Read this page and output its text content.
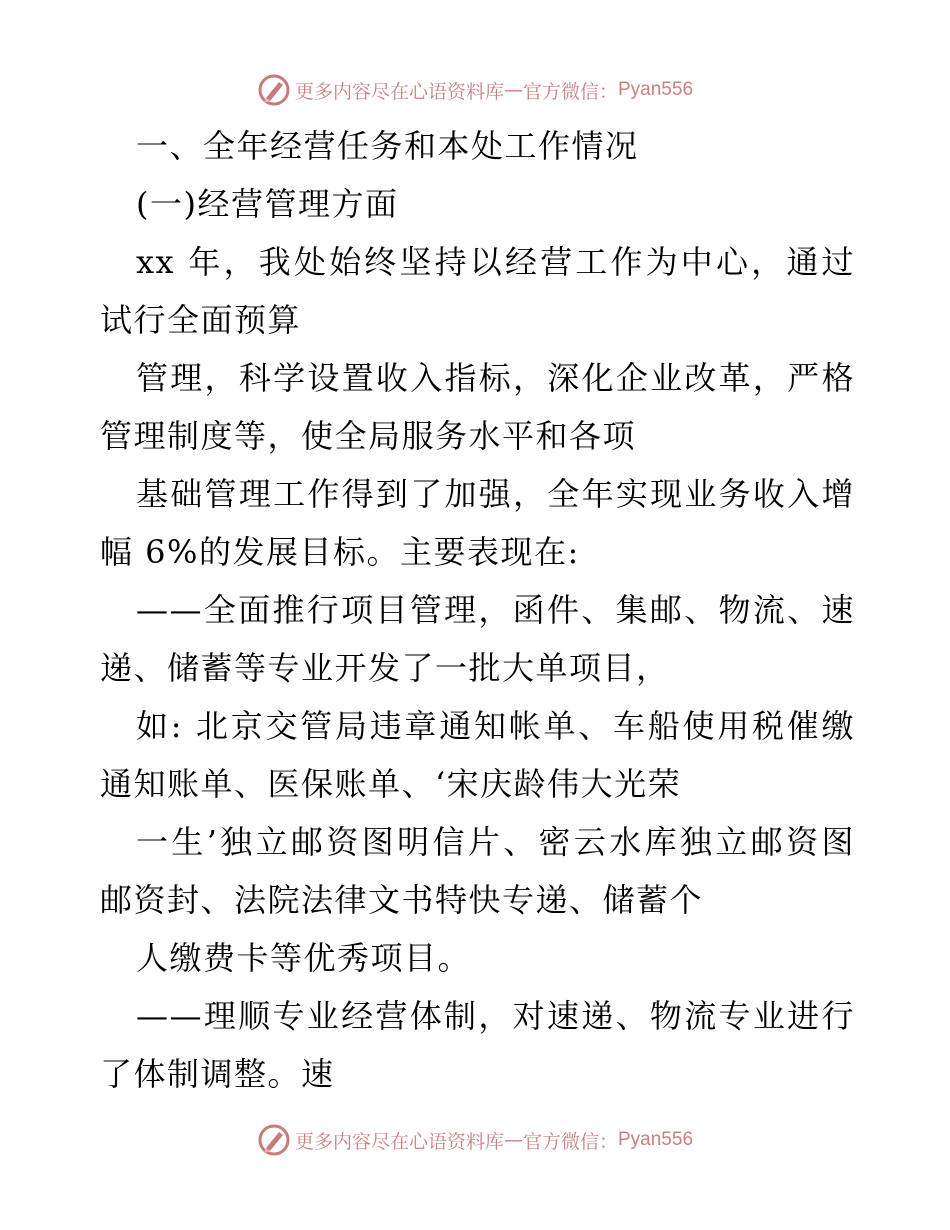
更多内容尽在心语资料库 — 官方微信： Pyan556
一、全年经营任务和本处工作情况
(一)经营管理方面
xx 年，我处始终坚持以经营工作为中心，通过
试行全面预算
管理，科学设置收入指标，深化企业改革，严格
管理制度等，使全局服务水平和各项
基础管理工作得到了加强，全年实现业务收入增
幅 6%的发展目标。主要表现在:
——全面推行项目管理，函件、集邮、物流、速
递、储蓄等专业开发了一批大单项目，
如: 北京交管局违章通知帐单、车船使用税催缴
通知账单、医保账单、‘宋庆龄伟大光荣
一生’独立邮资图明信片、密云水库独立邮资图
邮资封、法院法律文书特快专递、储蓄个
人缴费卡等优秀项目。
——理顺专业经营体制，对速递、物流专业进行
了体制调整。速
更多内容尽在心语资料库 — 官方微信： Pyan556
